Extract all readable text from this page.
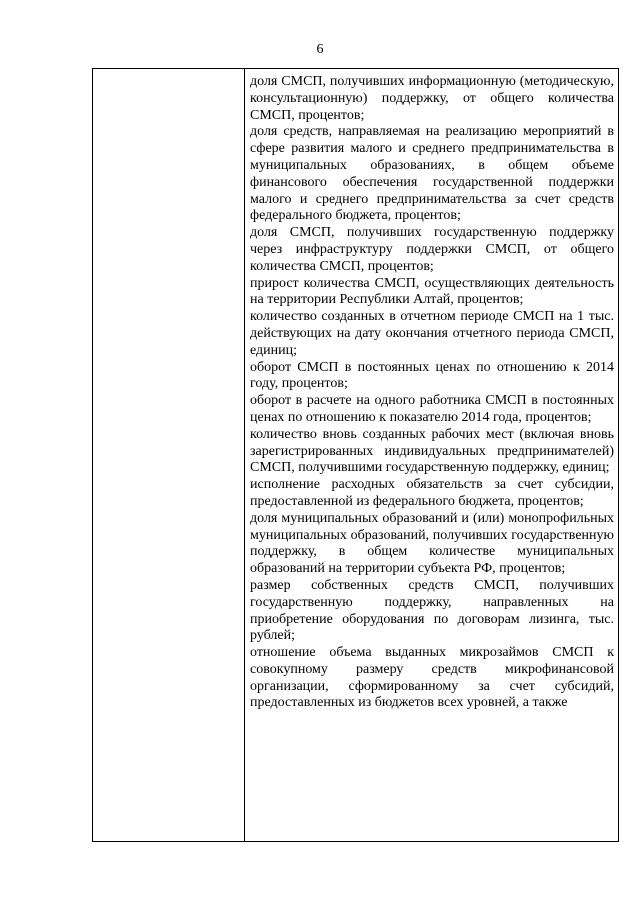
6

доля СМСП, получивших информационную (методическую, консультационную) поддержку, от общего количества СМСП, процентов;

доля средств, направляемая на реализацию мероприятий в сфере развития малого и среднего предпринимательства в муниципальных образованиях, в общем объеме финансового обеспечения государственной поддержки малого и среднего предпринимательства за счет средств федерального бюджета, процентов;

доля СМСП, получивших государственную поддержку через инфраструктуру поддержки СМСП, от общего количества СМСП, процентов;

прирост количества СМСП, осуществляющих деятельность на территории Республики Алтай, процентов;

количество созданных в отчетном периоде СМСП на 1 тыс. действующих на дату окончания отчетного периода СМСП, единиц;

оборот СМСП в постоянных ценах по отношению к 2014 году, процентов;

оборот в расчете на одного работника СМСП в постоянных ценах по отношению к показателю 2014 года, процентов;

количество вновь созданных рабочих мест (включая вновь зарегистрированных индивидуальных предпринимателей) СМСП, получившими государственную поддержку, единиц;

исполнение расходных обязательств за счет субсидии, предоставленной из федерального бюджета, процентов;

доля муниципальных образований и (или) монопрофильных муниципальных образований, получивших государственную поддержку, в общем количестве муниципальных образований на территории субъекта РФ, процентов;

размер собственных средств СМСП, получивших государственную поддержку, направленных на приобретение оборудования по договорам лизинга, тыс. рублей;

отношение объема выданных микрозаймов СМСП к совокупному размеру средств микрофинансовой организации, сформированному за счет субсидий, предоставленных из бюджетов всех уровней, а также
